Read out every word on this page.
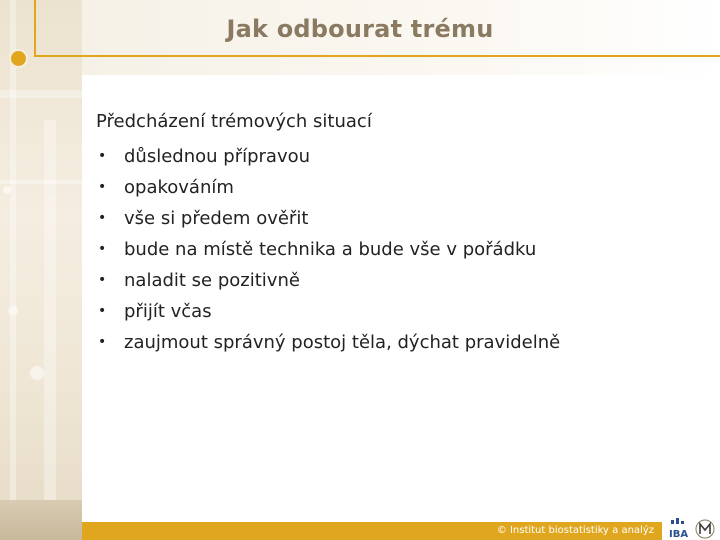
Jak odbourat trému
Předcházení trémových situací
• důslednou přípravou
• opakováním
• vše si předem ověřit
• bude na místě technika a bude vše v pořádku
• naladit se pozitivně
• přijít včas
• zaujmout správný postoj těla, dýchat pravidelně
© Institut biostatistiky a analýz IBA
